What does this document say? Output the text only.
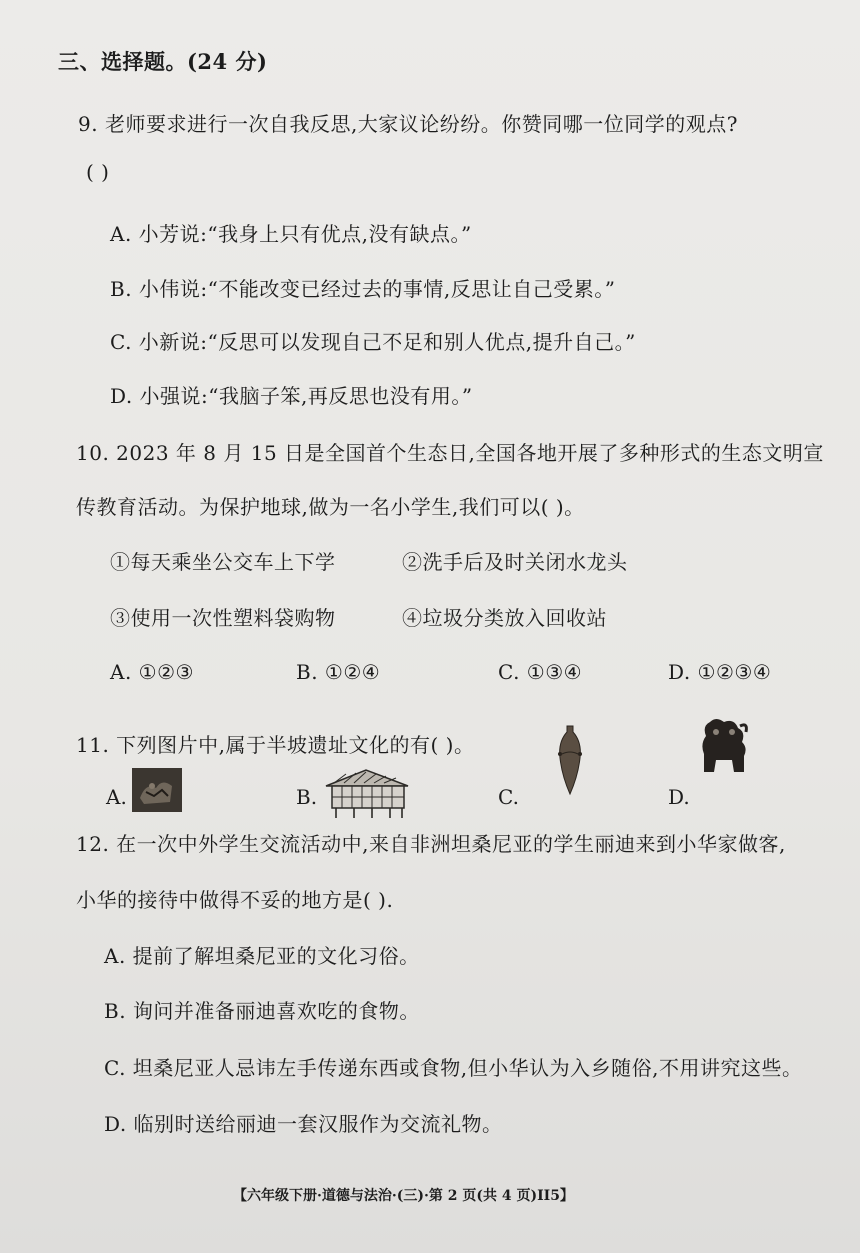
三、选择题。(24 分)
9. 老师要求进行一次自我反思,大家议论纷纷。你赞同哪一位同学的观点?
( )
A. 小芳说:“我身上只有优点,没有缺点。”
B. 小伟说:“不能改变已经过去的事情,反思让自己受累。”
C. 小新说:“反思可以发现自己不足和别人优点,提升自己。”
D. 小强说:“我脑子笨,再反思也没有用。”
10. 2023 年 8 月 15 日是全国首个生态日,全国各地开展了多种形式的生态文明宣
传教育活动。为保护地球,做为一名小学生,我们可以( )。
①每天乘坐公交车上下学	②洗手后及时关闭水龙头
③使用一次性塑料袋购物	④垃圾分类放入回收站
A. ①②③	B. ①②④	C. ①③④	D. ①②③④
11. 下列图片中,属于半坡遗址文化的有( )。
A.	B.	C.	D.
12. 在一次中外学生交流活动中,来自非洲坦桑尼亚的学生丽迪来到小华家做客,
小华的接待中做得不妥的地方是( ).
A. 提前了解坦桑尼亚的文化习俗。
B. 询问并准备丽迪喜欢吃的食物。
C. 坦桑尼亚人忌讳左手传递东西或食物,但小华认为入乡随俗,不用讲究这些。
D. 临别时送给丽迪一套汉服作为交流礼物。
【六年级下册·道德与法治·(三)·第 2 页(共 4 页)II5】
